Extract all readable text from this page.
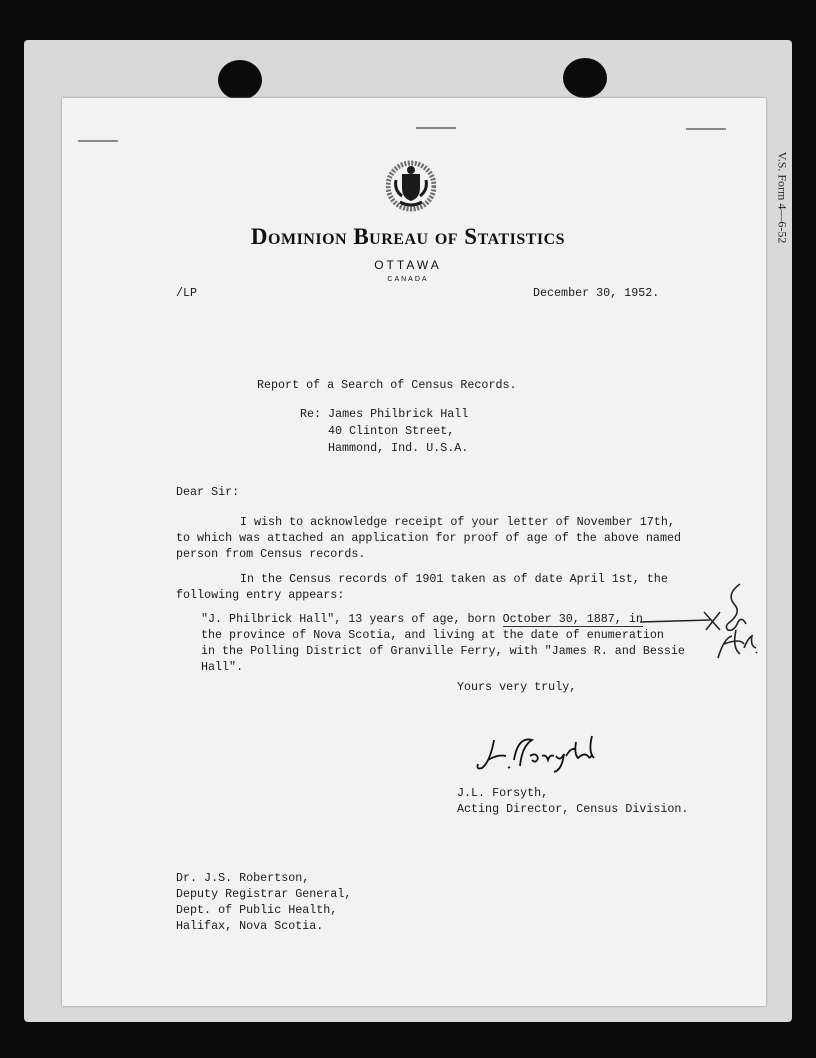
V.S. Form 4—6-52
Dominion Bureau of Statistics
OTTAWA
CANADA
/LP	December 30, 1952.
Report of a Search of Census Records.
Re: James Philbrick Hall
40 Clinton Street,
Hammond, Ind. U.S.A.
Dear Sir:
I wish to acknowledge receipt of your letter of November 17th,
to which was attached an application for proof of age of the above named
person from Census records.
In the Census records of 1901 taken as of date April 1st, the
following entry appears:
"J. Philbrick Hall", 13 years of age, born October 30, 1887, in
the province of Nova Scotia, and living at the date of enumeration
in the Polling District of Granville Ferry, with "James R. and Bessie
Hall".
Yours very truly,
J.L. Forsyth,
Acting Director, Census Division.
Dr. J.S. Robertson,
Deputy Registrar General,
Dept. of Public Health,
Halifax, Nova Scotia.
